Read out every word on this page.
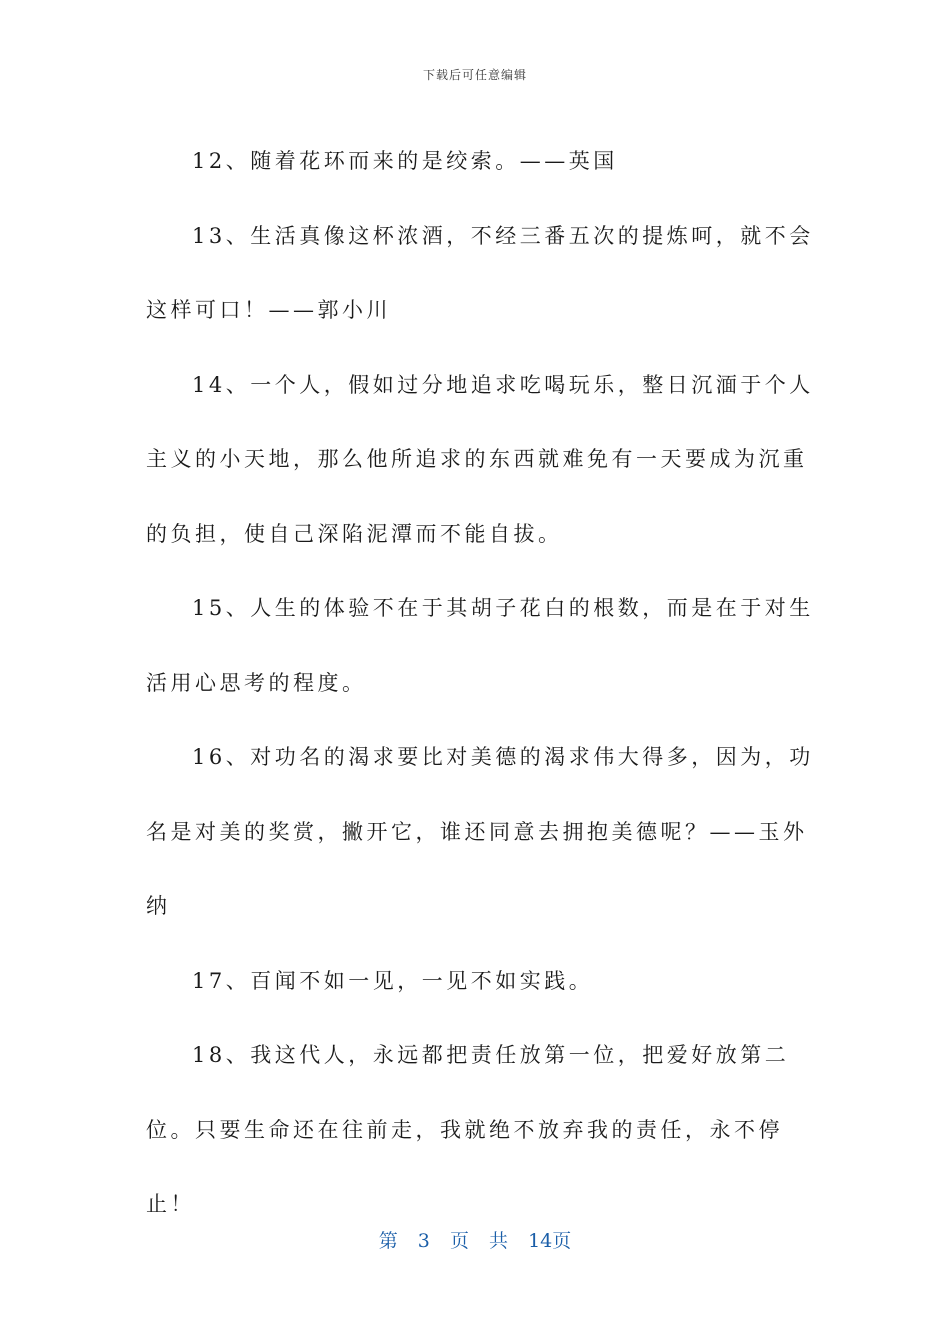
下载后可任意编辑

12、随着花环而来的是绞索。——英国

13、生活真像这杯浓酒，不经三番五次的提炼呵，就不会这样可口！——郭小川

14、一个人，假如过分地追求吃喝玩乐，整日沉湎于个人主义的小天地，那么他所追求的东西就难免有一天要成为沉重的负担，使自己深陷泥潭而不能自拔。

15、人生的体验不在于其胡子花白的根数，而是在于对生活用心思考的程度。

16、对功名的渴求要比对美德的渴求伟大得多，因为，功名是对美的奖赏，撇开它，谁还同意去拥抱美德呢？——玉外纳

17、百闻不如一见，一见不如实践。

18、我这代人，永远都把责任放第一位，把爱好放第二位。只要生命还在往前走，我就绝不放弃我的责任，永不停止！

第 3 页 共 14页
